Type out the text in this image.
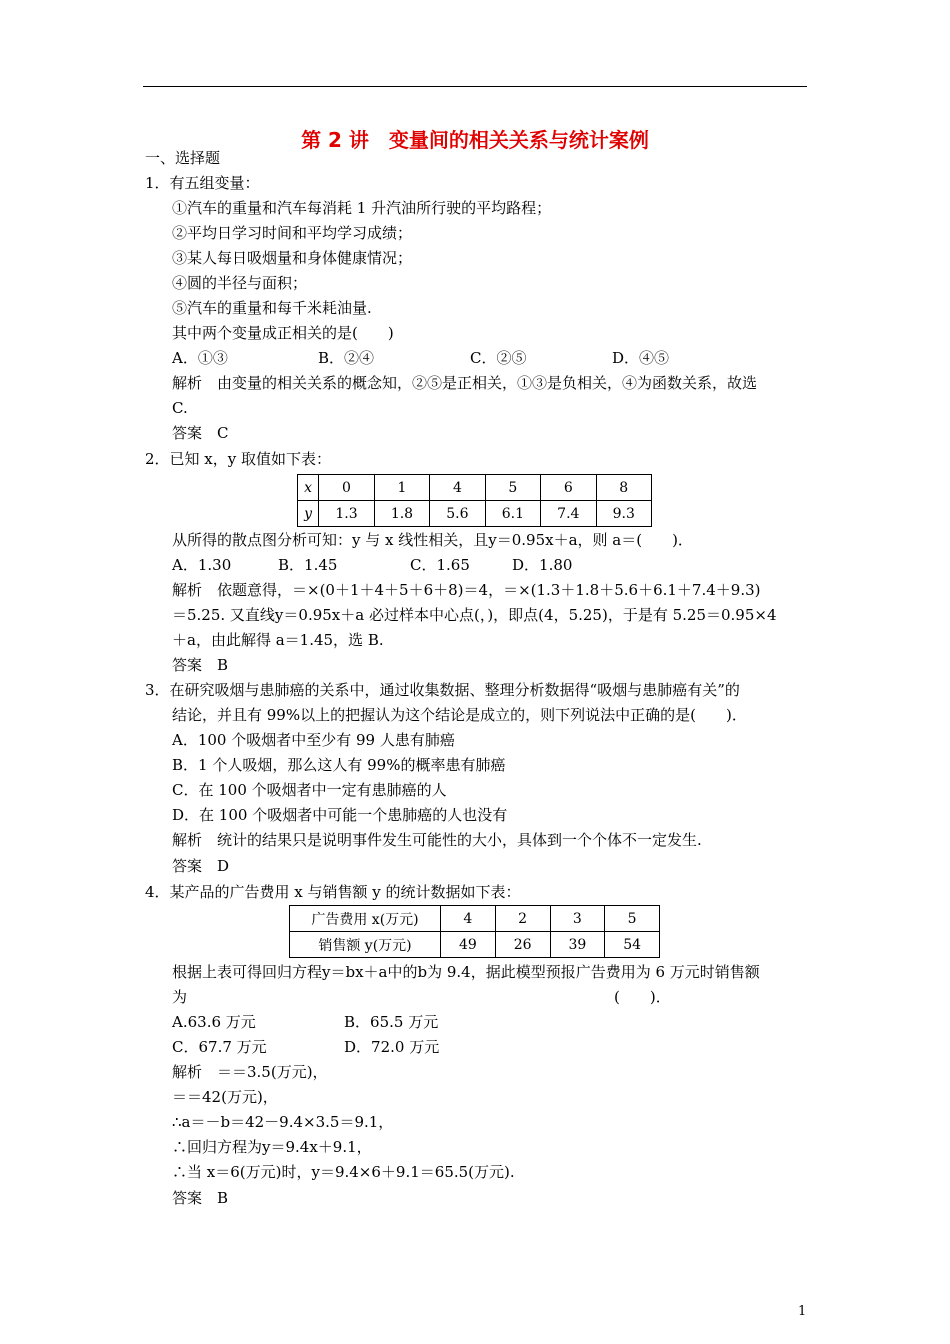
第 2 讲　变量间的相关关系与统计案例
一、选择题
1．有五组变量：
①汽车的重量和汽车每消耗 1 升汽油所行驶的平均路程；
②平均日学习时间和平均学习成绩；
③某人每日吸烟量和身体健康情况；
④圆的半径与面积；
⑤汽车的重量和每千米耗油量.
其中两个变量成正相关的是(　　)
A．①③	B．②④	C．②⑤	D．④⑤
解析　由变量的相关关系的概念知，②⑤是正相关，①③是负相关，④为函数关系，故选
C.
答案　C
2．已知 x，y 取值如下表：
x	0	1	4	5	6	8
y	1.3	1.8	5.6	6.1	7.4	9.3
从所得的散点图分析可知：y 与 x 线性相关，且y＝0.95x＋a，则 a＝(　　)．
A．1.30	B．1.45	C．1.65	D．1.80
解析　依题意得，＝×(0＋1＋4＋5＋6＋8)＝4，＝×(1.3＋1.8＋5.6＋6.1＋7.4＋9.3)
＝5.25. 又直线y＝0.95x＋a 必过样本中心点(，)，即点(4，5.25)，于是有 5.25＝0.95×4
＋a，由此解得 a＝1.45，选 B.
答案　B
3．在研究吸烟与患肺癌的关系中，通过收集数据、整理分析数据得“吸烟与患肺癌有关”的
结论，并且有 99%以上的把握认为这个结论是成立的，则下列说法中正确的是(　　)．
A．100 个吸烟者中至少有 99 人患有肺癌
B．1 个人吸烟，那么这人有 99%的概率患有肺癌
C．在 100 个吸烟者中一定有患肺癌的人
D．在 100 个吸烟者中可能一个患肺癌的人也没有
解析　统计的结果只是说明事件发生可能性的大小，具体到一个个体不一定发生.
答案　D
4．某产品的广告费用 x 与销售额 y 的统计数据如下表：
广告费用 x(万元)	4	2	3	5
销售额 y(万元)	49	26	39	54
根据上表可得回归方程y＝bx＋a中的b为 9.4，据此模型预报广告费用为 6 万元时销售额
为	(　　)．
A.63.6 万元	B．65.5 万元
C．67.7 万元	D．72.0 万元
解析　＝＝3.5(万元)，
＝＝42(万元)，
∴a＝－b＝42－9.4×3.5＝9.1，
∴回归方程为y＝9.4x＋9.1，
∴当 x＝6(万元)时，y＝9.4×6＋9.1＝65.5(万元).
答案　B
1
